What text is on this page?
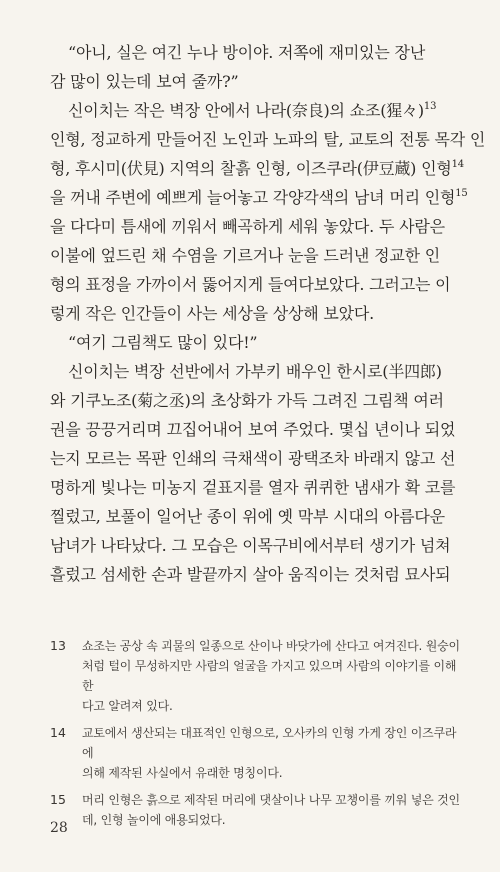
“아니, 실은 여긴 누나 방이야. 저쪽에 재미있는 장난
감 많이 있는데 보여 줄까?”
신이치는 작은 벽장 안에서 나라(奈良)의 쇼조(猩々)$^{13}$
인형, 정교하게 만들어진 노인과 노파의 탈, 교토의 전통 목각 인
형, 후시미(伏見) 지역의 찰흙 인형, 이즈쿠라(伊豆蔵) 인형$^{14}$
을 꺼내 주변에 예쁘게 늘어놓고 각양각색의 남녀 머리 인형$^{15}$
을 다다미 틈새에 끼워서 빼곡하게 세워 놓았다. 두 사람은
이불에 엎드린 채 수염을 기르거나 눈을 드러낸 정교한 인
형의 표정을 가까이서 뚫어지게 들여다보았다. 그러고는 이
렇게 작은 인간들이 사는 세상을 상상해 보았다.
“여기 그림책도 많이 있다!”
신이치는 벽장 선반에서 가부키 배우인 한시로(半四郎)
와 기쿠노조(菊之丞)의 초상화가 가득 그려진 그림책 여러
권을 끙끙거리며 끄집어내어 보여 주었다. 몇십 년이나 되었
는지 모르는 목판 인쇄의 극채색이 광택조차 바래지 않고 선
명하게 빛나는 미농지 겉표지를 열자 퀴퀴한 냄새가 확 코를
찔렀고, 보풀이 일어난 종이 위에 옛 막부 시대의 아름다운
남녀가 나타났다. 그 모습은 이목구비에서부터 생기가 넘쳐
흘렀고 섬세한 손과 발끝까지 살아 움직이는 것처럼 묘사되
13	쇼조는 공상 속 괴물의 일종으로 산이나 바닷가에 산다고 여겨진다. 원숭이
처럼 털이 무성하지만 사람의 얼굴을 가지고 있으며 사람의 이야기를 이해한
다고 알려져 있다.
14	교토에서 생산되는 대표적인 인형으로, 오사카의 인형 가게 장인 이즈쿠라에
의해 제작된 사실에서 유래한 명칭이다.
15	머리 인형은 흙으로 제작된 머리에 댓살이나 나무 꼬챙이를 끼워 넣은 것인
데, 인형 놀이에 애용되었다.
28
